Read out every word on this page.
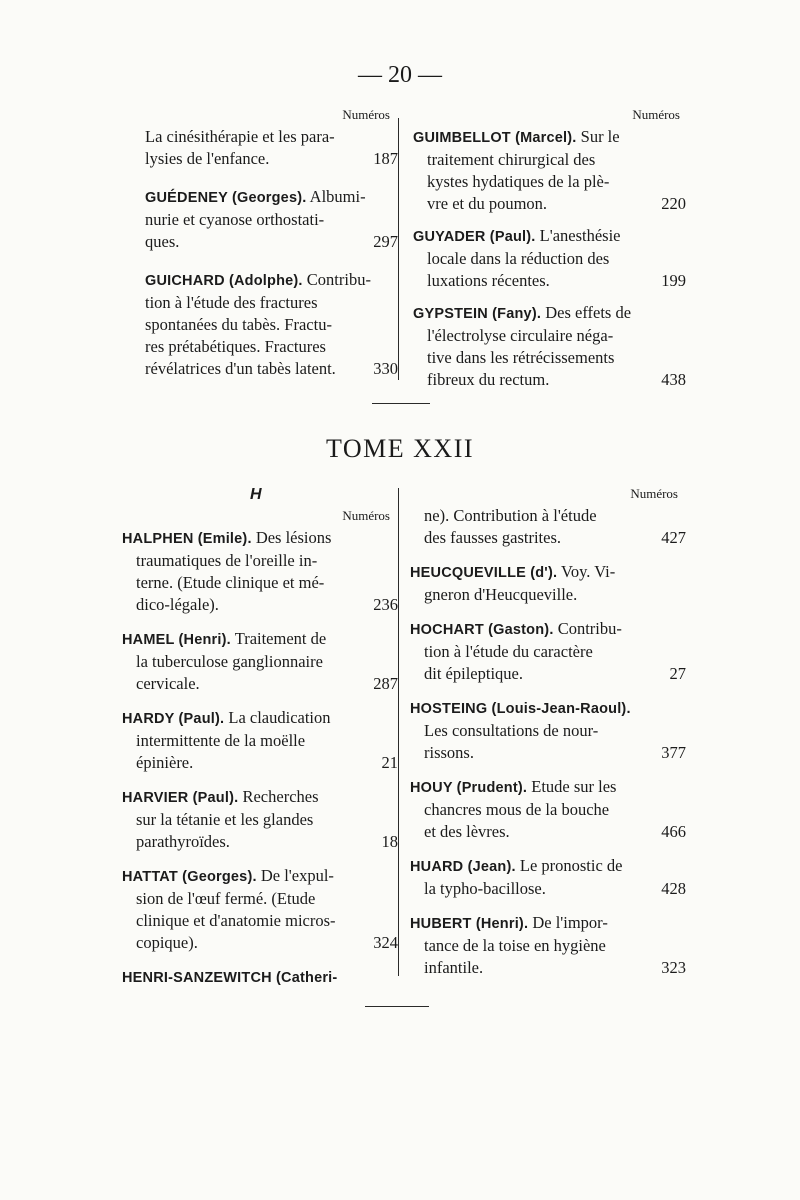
— 20 —
Numéros	Numéros
La cinésithérapie et les para-
lysies de l'enfance.	187
GUÉDENEY (Georges). Albumi-
nurie et cyanose orthostati-
ques.	297
GUICHARD (Adolphe). Contribu-
tion à l'étude des fractures
spontanées du tabès. Fractu-
res prétabétiques. Fractures
révélatrices d'un tabès latent.	330
GUIMBELLOT (Marcel). Sur le
traitement chirurgical des
kystes hydatiques de la plè-
vre et du poumon.	220
GUYADER (Paul). L'anesthésie
locale dans la réduction des
luxations récentes.	199
GYPSTEIN (Fany). Des effets de
l'électrolyse circulaire néga-
tive dans les rétrécissements
fibreux du rectum.	438
TOME XXII
H
Numéros
Numéros
HALPHEN (Emile). Des lésions
traumatiques de l'oreille in-
terne. (Etude clinique et mé-
dico-légale).	236
HAMEL (Henri). Traitement de
la tuberculose ganglionnaire
cervicale.	287
HARDY (Paul). La claudication
intermittente de la moëlle
épinière.	21
HARVIER (Paul). Recherches
sur la tétanie et les glandes
parathyroïdes.	18
HATTAT (Georges). De l'expul-
sion de l'œuf fermé. (Etude
clinique et d'anatomie micros-
copique).	324
HENRI-SANZEWITCH (Catheri-
ne). Contribution à l'étude
des fausses gastrites.	427
HEUCQUEVILLE (d'). Voy. Vi-
gneron d'Heucqueville.
HOCHART (Gaston). Contribu-
tion à l'étude du caractère
dit épileptique.	27
HOSTEING (Louis-Jean-Raoul).
Les consultations de nour-
rissons.	377
HOUY (Prudent). Etude sur les
chancres mous de la bouche
et des lèvres.	466
HUARD (Jean). Le pronostic de
la typho-bacillose.	428
HUBERT (Henri). De l'impor-
tance de la toise en hygiène
infantile.	323
